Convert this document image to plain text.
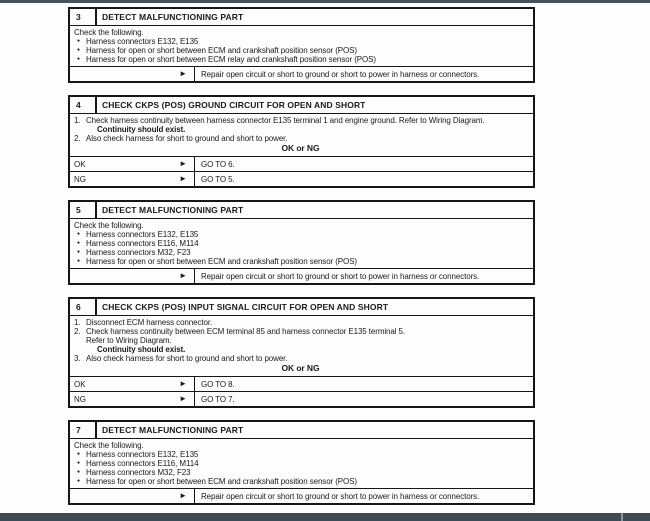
3	DETECT MALFUNCTIONING PART
Check the following.
● Harness connectors E132, E135
● Harness for open or short between ECM and crankshaft position sensor (POS)
● Harness for open or short between ECM relay and crankshaft position sensor (POS)
►	Repair open circuit or short to ground or short to power in harness or connectors.
4	CHECK CKPS (POS) GROUND CIRCUIT FOR OPEN AND SHORT
1. Check harness continuity between harness connector E135 terminal 1 and engine ground. Refer to Wiring Diagram.
Continuity should exist.
2. Also check harness for short to ground and short to power.
OK or NG
OK	►	GO TO 6.
NG	►	GO TO 5.
5	DETECT MALFUNCTIONING PART
Check the following.
● Harness connectors E132, E135
● Harness connectors E116, M114
● Harness connectors M32, F23
● Harness for open or short between ECM and crankshaft position sensor (POS)
►	Repair open circuit or short to ground or short to power in harness or connectors.
6	CHECK CKPS (POS) INPUT SIGNAL CIRCUIT FOR OPEN AND SHORT
1. Disconnect ECM harness connector.
2. Check harness continuity between ECM terminal 85 and harness connector E135 terminal 5.
Refer to Wiring Diagram.
Continuity should exist.
3. Also check harness for short to ground and short to power.
OK or NG
OK	►	GO TO 8.
NG	►	GO TO 7.
7	DETECT MALFUNCTIONING PART
Check the following.
● Harness connectors E132, E135
● Harness connectors E116, M114
● Harness connectors M32, F23
● Harness for open or short between ECM and crankshaft position sensor (POS)
►	Repair open circuit or short to ground or short to power in harness or connectors.
